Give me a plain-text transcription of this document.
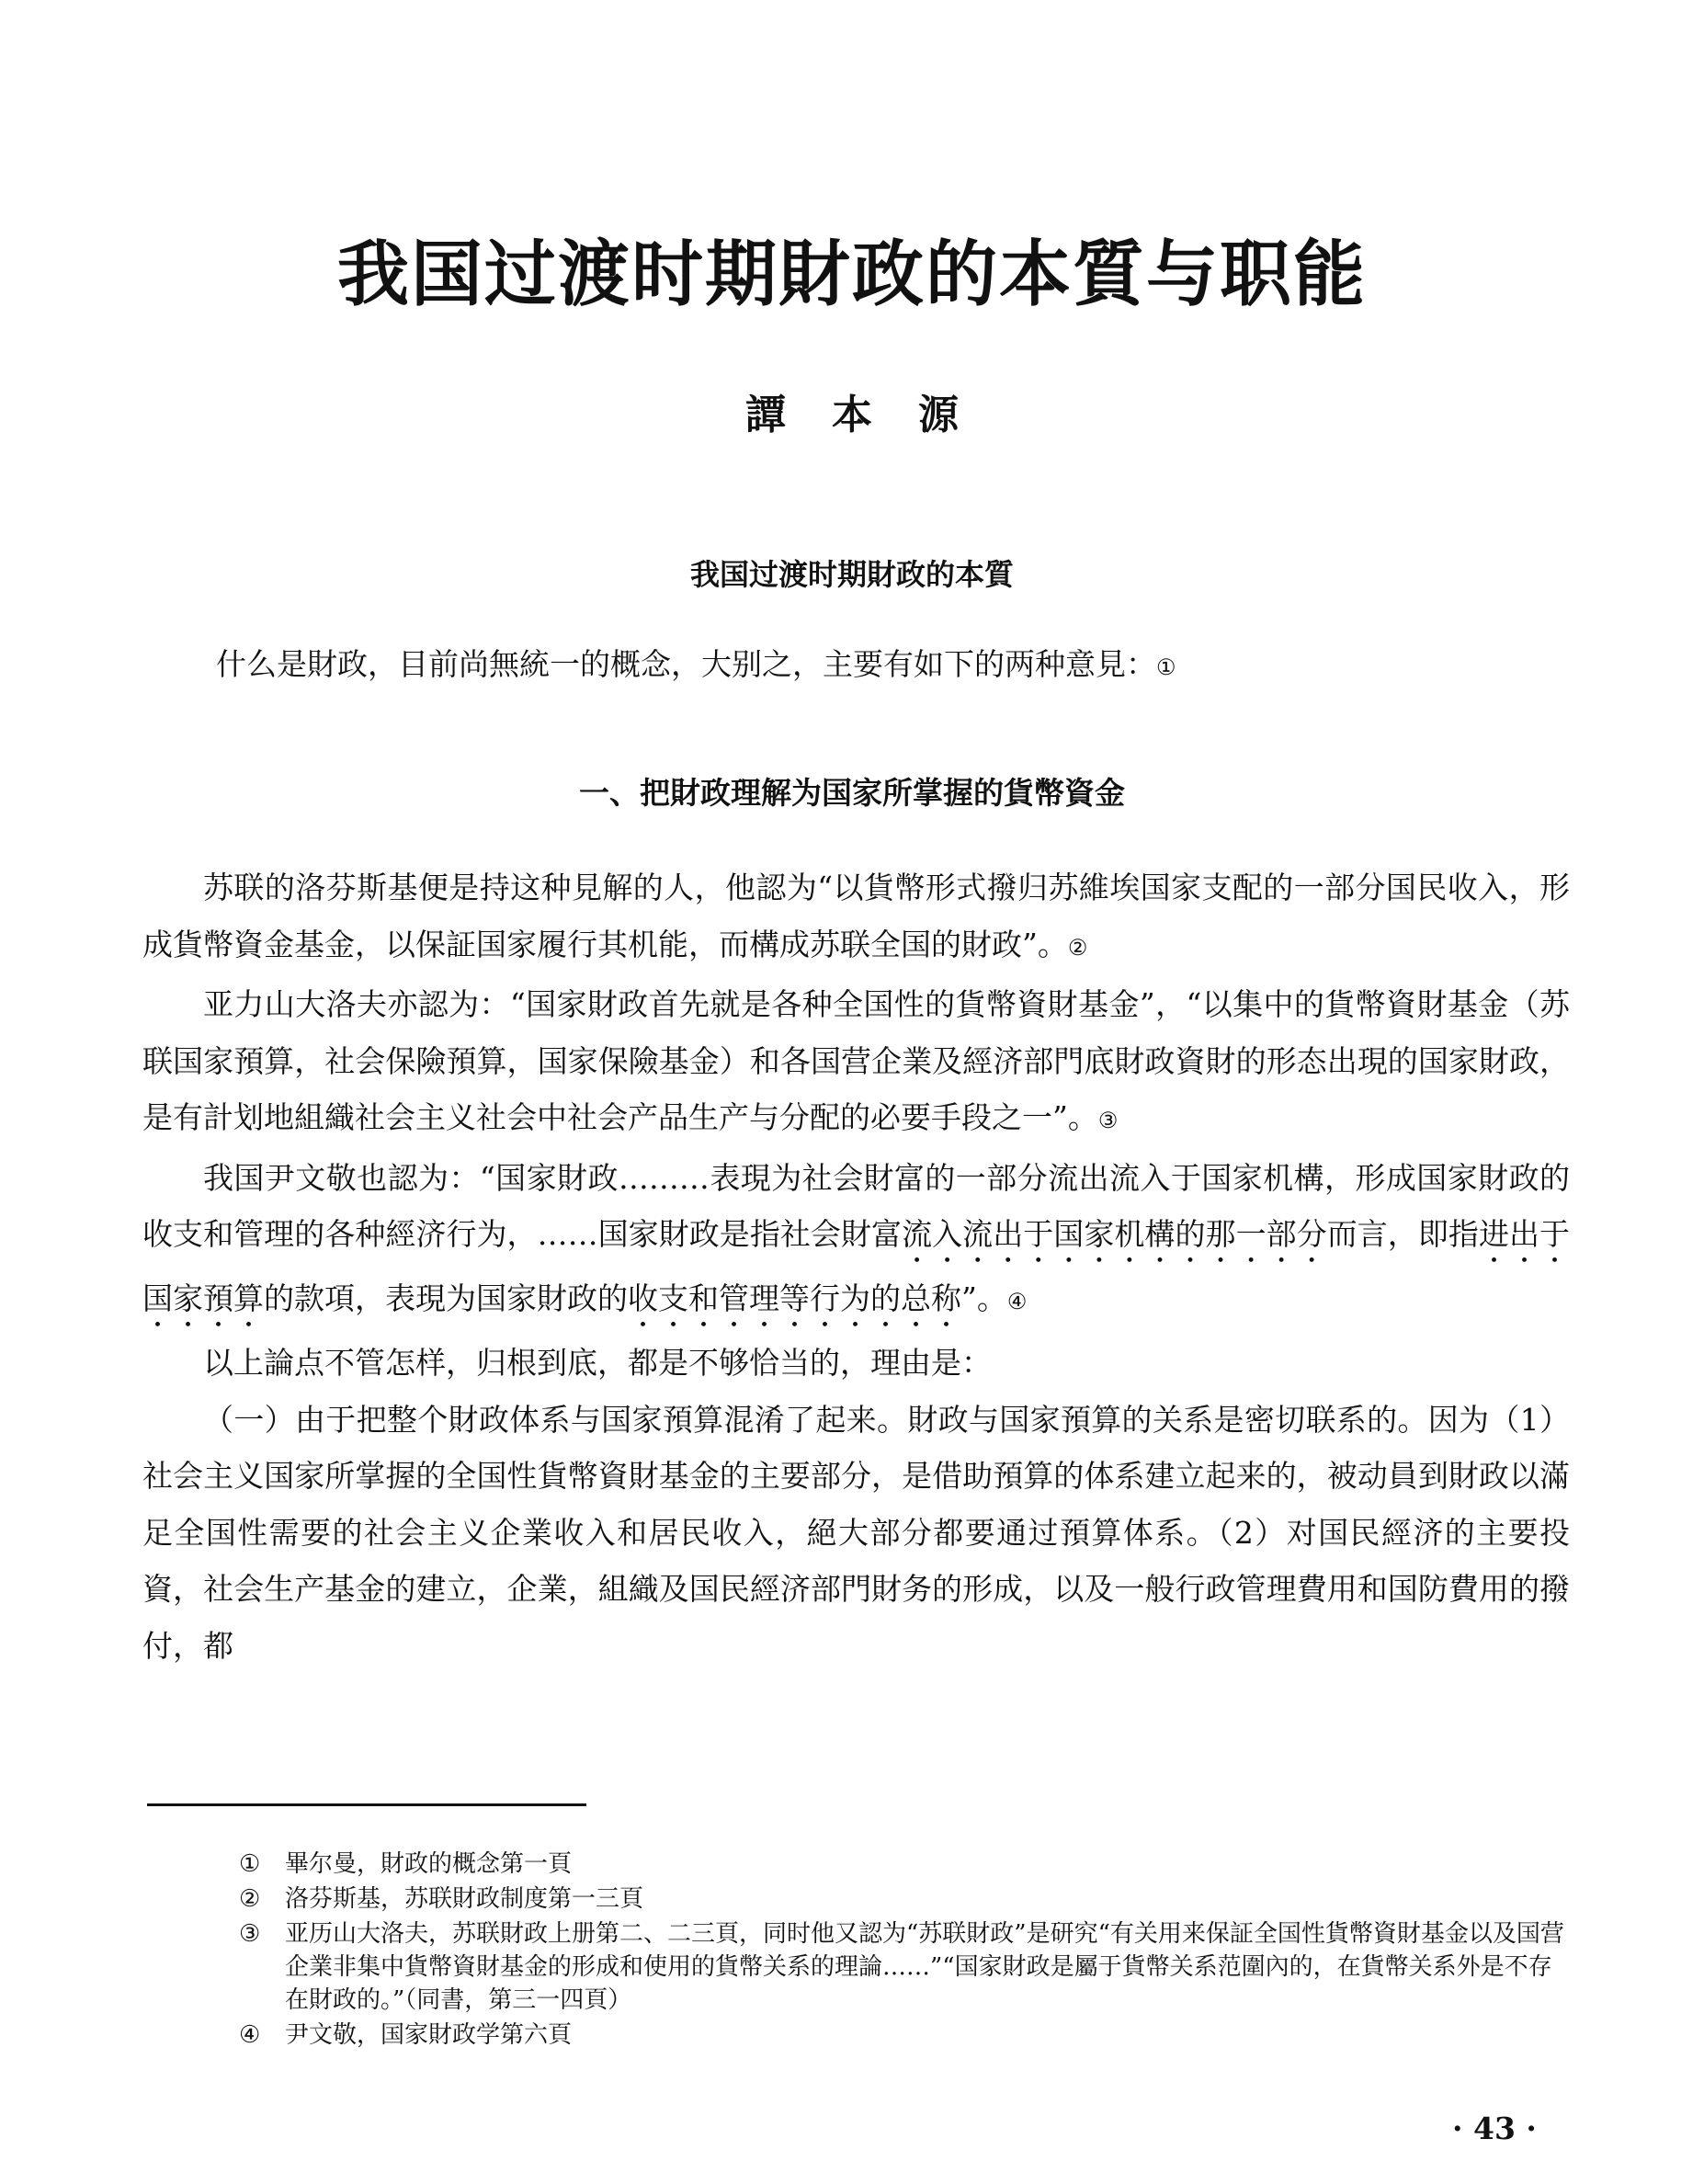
我国过渡时期財政的本質与职能
譚本源
我国过渡时期財政的本質
什么是財政，目前尚無統一的概念，大别之，主要有如下的两种意見：①
一、把財政理解为国家所掌握的貨幣資金

苏联的洛芬斯基便是持这种見解的人，他認为“以貨幣形式撥归苏維埃国家支配的一部分国民收入，形成貨幣資金基金，以保証国家履行其机能，而構成苏联全国的財政”。②

亚力山大洛夫亦認为：“国家財政首先就是各种全国性的貨幣資財基金”，“以集中的貨幣資財基金（苏联国家預算，社会保險預算，国家保險基金）和各国营企業及經济部門底財政資財的形态出現的国家財政，是有計划地組織社会主义社会中社会产品生产与分配的必要手段之一”。③

我国尹文敬也認为：“国家財政………表現为社会財富的一部分流出流入于国家机構，形成国家財政的收支和管理的各种經济行为，……国家財政是指社会財富流入流出于国家机構的那一部分而言，即指进出于国家預算的款項，表現为国家財政的收支和管理等行为的总称”。④

以上論点不管怎样，归根到底，都是不够恰当的，理由是：

（一）由于把整个財政体系与国家預算混淆了起来。財政与国家預算的关系是密切联系的。因为（1）社会主义国家所掌握的全国性貨幣資財基金的主要部分，是借助預算的体系建立起来的，被动員到財政以滿足全国性需要的社会主义企業收入和居民收入，絕大部分都要通过預算体系。（2）对国民經济的主要投資，社会生产基金的建立，企業，組織及国民經济部門財务的形成，以及一般行政管理費用和国防費用的撥付，都

① 畢尔曼，財政的概念第一頁
② 洛芬斯基，苏联財政制度第一三頁
③ 亚历山大洛夫，苏联財政上册第二、二三頁，同时他又認为“苏联財政”是研究“有关用来保証全国性貨幣資財基金以及国营企業非集中貨幣資財基金的形成和使用的貨幣关系的理論……”“国家財政是屬于貨幣关系范圍內的，在貨幣关系外是不存在財政的。”（同書，第三一四頁）
④ 尹文敬，国家財政学第六頁
· 43 ·
